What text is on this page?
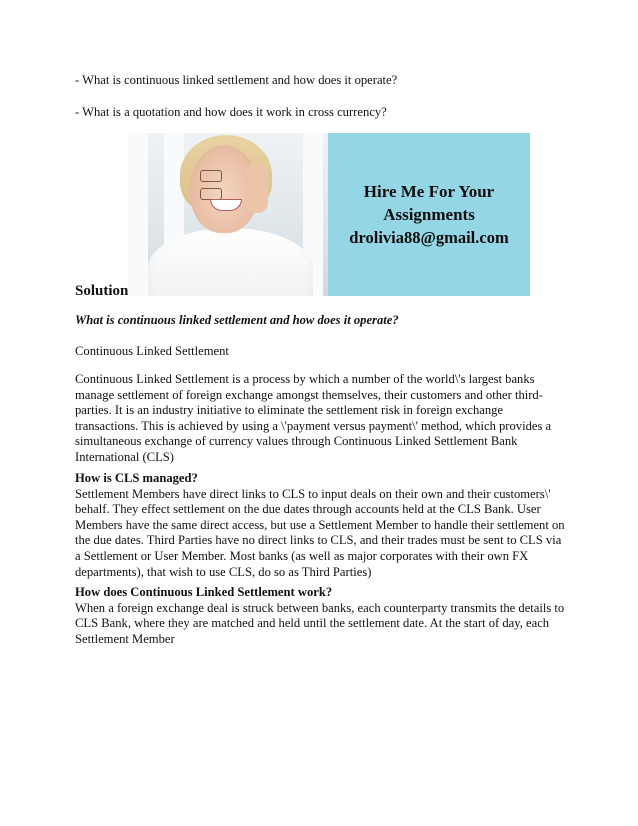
- What is continuous linked settlement and how does it operate?

- What is a quotation and how does it work in cross currency?

Solution
Hire Me For Your
Assignments
drolivia88@gmail.com
What is continuous linked settlement and how does it operate?
Continuous Linked Settlement
Continuous Linked Settlement is a process by which a number of the world\'s largest banks manage settlement of foreign exchange amongst themselves, their customers and other third-parties. It is an industry initiative to eliminate the settlement risk in foreign exchange transactions. This is achieved by using a \'payment versus payment\' method, which provides a simultaneous exchange of currency values through Continuous Linked Settlement Bank International (CLS)
How is CLS managed?
Settlement Members have direct links to CLS to input deals on their own and their customers\' behalf. They effect settlement on the due dates through accounts held at the CLS Bank. User Members have the same direct access, but use a Settlement Member to handle their settlement on the due dates. Third Parties have no direct links to CLS, and their trades must be sent to CLS via a Settlement or User Member. Most banks (as well as major corporates with their own FX departments), that wish to use CLS, do so as Third Parties)
How does Continuous Linked Settlement work?
When a foreign exchange deal is struck between banks, each counterparty transmits the details to CLS Bank, where they are matched and held until the settlement date. At the start of day, each Settlement Member
